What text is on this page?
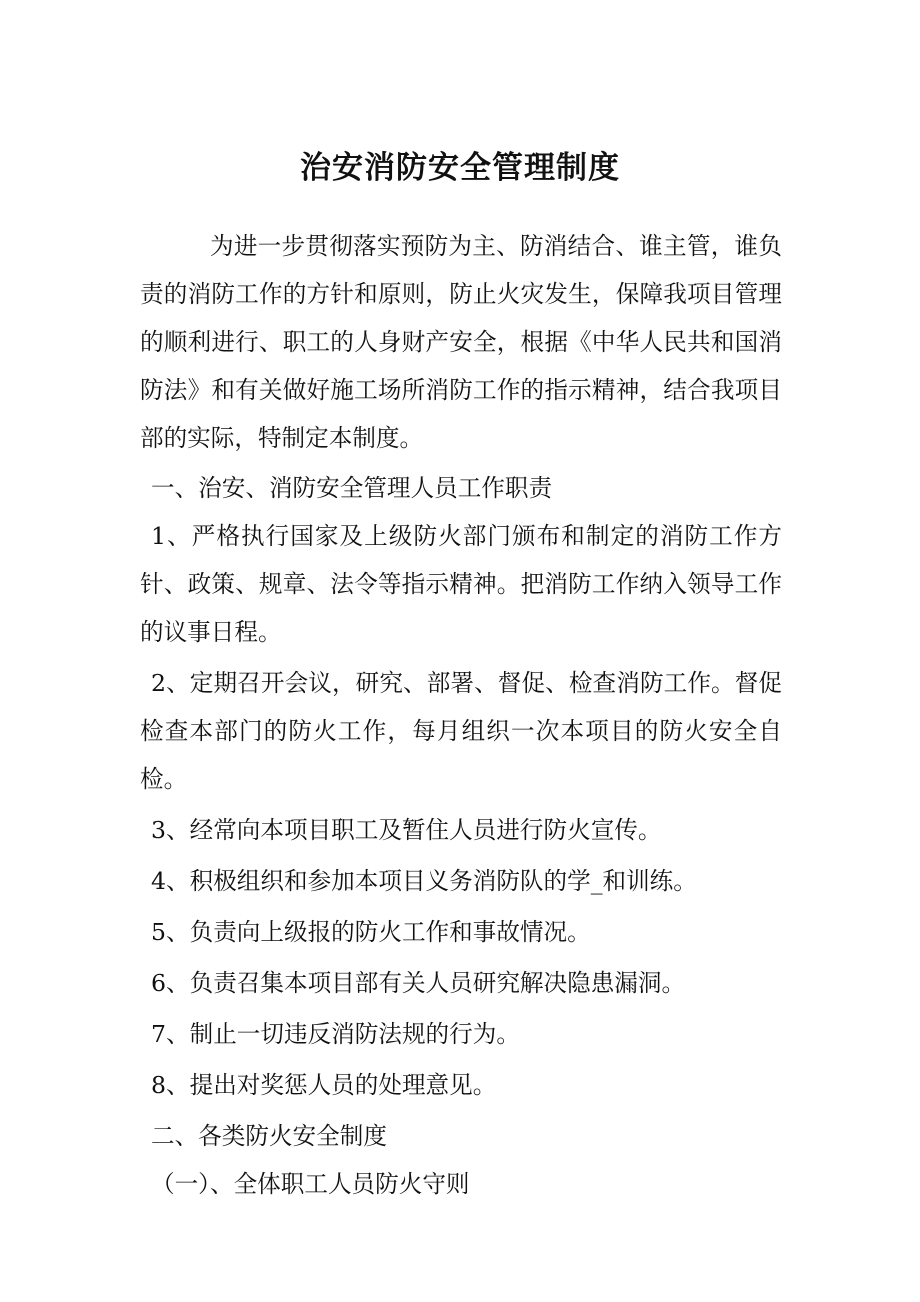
治安消防安全管理制度

为进一步贯彻落实预防为主、防消结合、谁主管，谁负责的消防工作的方针和原则，防止火灾发生，保障我项目管理的顺利进行、职工的人身财产安全，根据《中华人民共和国消防法》和有关做好施工场所消防工作的指示精神，结合我项目部的实际，特制定本制度。

一、治安、消防安全管理人员工作职责

1、严格执行国家及上级防火部门颁布和制定的消防工作方针、政策、规章、法令等指示精神。把消防工作纳入领导工作的议事日程。

2、定期召开会议，研究、部署、督促、检查消防工作。督促检查本部门的防火工作，每月组织一次本项目的防火安全自检。

3、经常向本项目职工及暂住人员进行防火宣传。

4、积极组织和参加本项目义务消防队的学_和训练。

5、负责向上级报的防火工作和事故情况。

6、负责召集本项目部有关人员研究解决隐患漏洞。

7、制止一切违反消防法规的行为。

8、提出对奖惩人员的处理意见。

二、各类防火安全制度

（一）、全体职工人员防火守则
